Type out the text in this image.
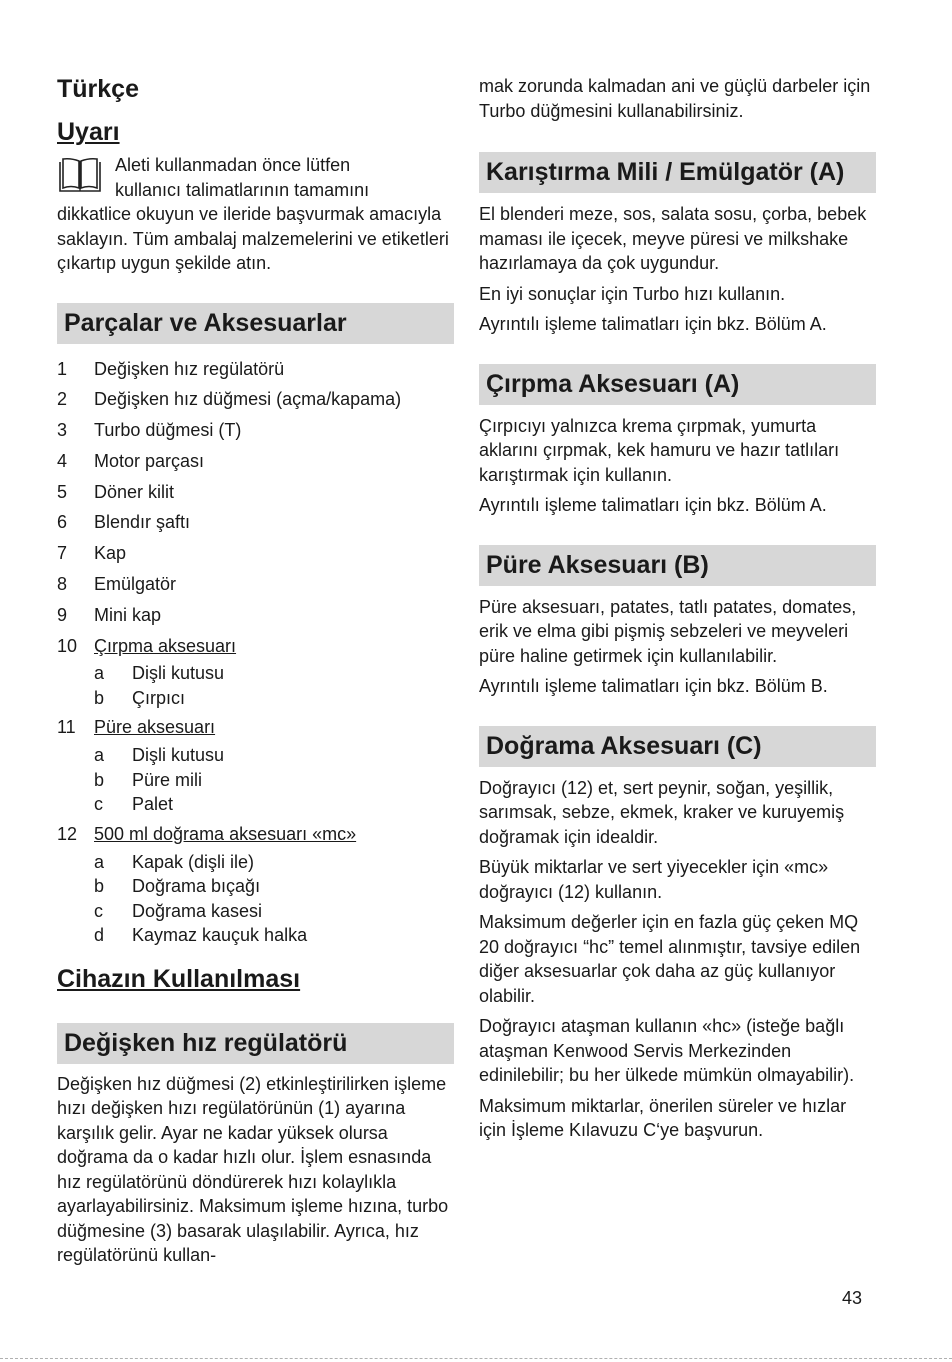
Türkçe
Uyarı

Aleti kullanmadan önce lütfen

kullanıcı talimatlarının tamamını

dikkatlice okuyun ve ileride başvurmak amacıyla saklayın. Tüm ambalaj malzemelerini ve etiketleri çıkartıp uygun şekilde atın.

Parçalar ve Aksesuarlar
1	Değişken hız regülatörü
2	Değişken hız düğmesi (açma/kapama)
3	Turbo düğmesi (T)
4	Motor parçası
5	Döner kilit
6	Blendır şaftı
7	Kap
8	Emülgatör
9	Mini kap
10 Çırpma aksesuarı
a	Dişli kutusu
b	Çırpıcı
11	Püre aksesuarı
a	Dişli kutusu
b	Püre mili
c	Palet
12 500 ml doğrama aksesuarı «mc»
a	Kapak (dişli ile)
b	Doğrama bıçağı
c	Doğrama kasesi
d	Kaymaz kauçuk halka
Cihazın Kullanılması
Değişken hız regülatörü

Değişken hız düğmesi (2) etkinleştirilirken işleme hızı değişken hızı regülatörünün (1) ayarına karşılık gelir. Ayar ne kadar yüksek olursa doğrama da o kadar hızlı olur. İşlem esnasında hız regülatörünü döndürerek hızı kolaylıkla ayarlayabilirsiniz. Maksimum işleme hızına, turbo düğmesine (3) basarak ulaşılabilir. Ayrıca, hız regülatörünü kullan-

mak zorunda kalmadan ani ve güçlü darbeler için Turbo düğmesini kullanabilirsiniz.

Karıştırma Mili / Emülgatör (A)

El blenderi meze, sos, salata sosu, çorba, bebek maması ile içecek, meyve püresi ve milkshake hazırlamaya da çok uygundur.

En iyi sonuçlar için Turbo hızı kullanın.

Ayrıntılı işleme talimatları için bkz. Bölüm A.

Çırpma Aksesuarı (A)

Çırpıcıyı yalnızca krema çırpmak, yumurta aklarını çırpmak, kek hamuru ve hazır tatlıları karıştırmak için kullanın.

Ayrıntılı işleme talimatları için bkz. Bölüm A.

Püre Aksesuarı (B)

Püre aksesuarı, patates, tatlı patates, domates, erik ve elma gibi pişmiş sebzeleri ve meyveleri püre haline getirmek için kullanılabilir.

Ayrıntılı işleme talimatları için bkz. Bölüm B.

Doğrama Aksesuarı (C)

Doğrayıcı (12) et, sert peynir, soğan, yeşillik, sarımsak, sebze, ekmek, kraker ve kuruyemiş doğramak için idealdir.

Büyük miktarlar ve sert yiyecekler için «mc» doğrayıcı (12) kullanın.

Maksimum değerler için en fazla güç çeken MQ 20 doğrayıcı “hc” temel alınmıştır, tavsiye edilen diğer aksesuarlar çok daha az güç kullanıyor olabilir.

Doğrayıcı ataşman kullanın «hc» (isteğe bağlı ataşman Kenwood Servis Merkezinden edinilebilir; bu her ülkede mümkün olmayabilir).

Maksimum miktarlar, önerilen süreler ve hızlar için İşleme Kılavuzu C‘ye başvurun.

43
